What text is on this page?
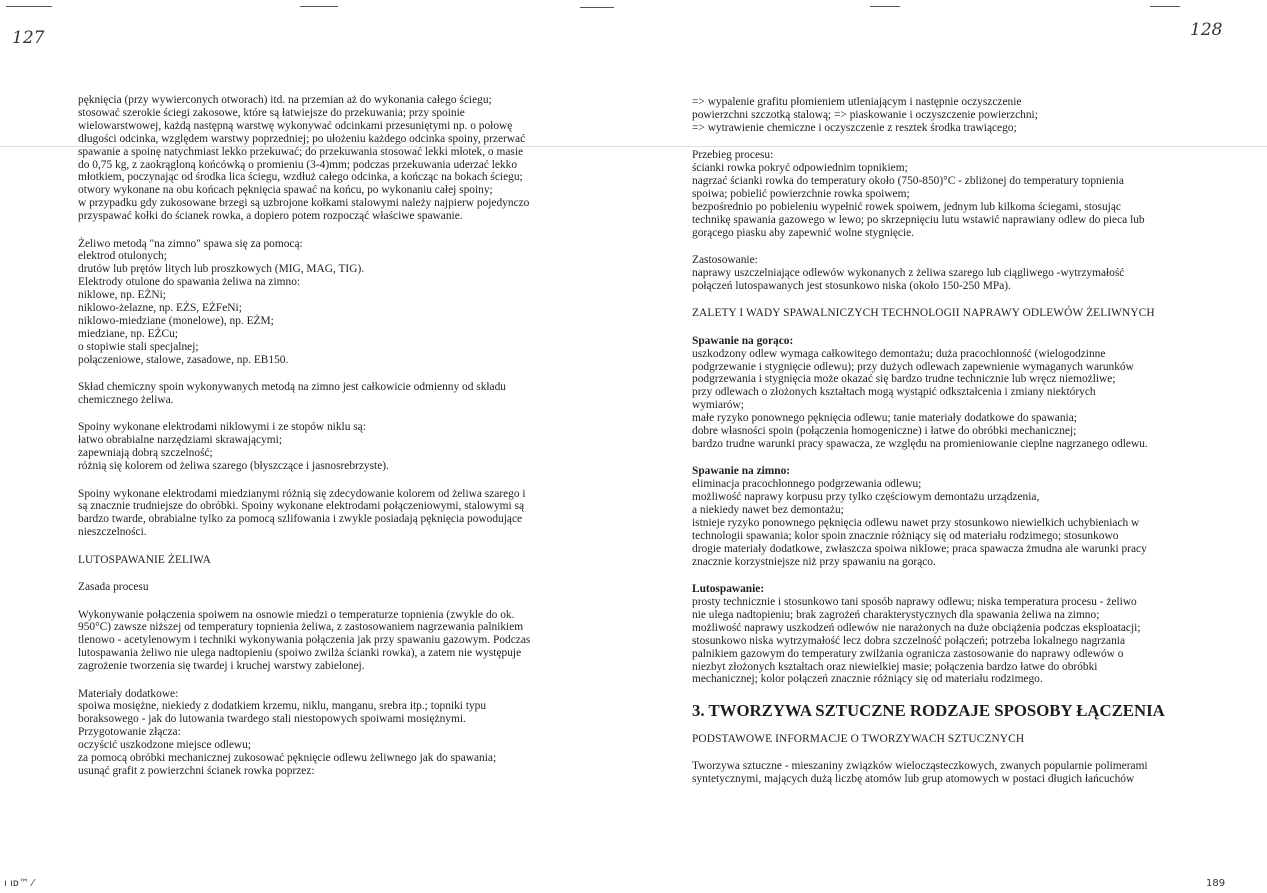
127	128
ı ıᴅ™ ⁄	189

pęknięcia (przy wywierconych otworach) itd. na przemian aż do wykonania całego ściegu;
stosować szerokie ściegi zakosowe, które są łatwiejsze do przekuwania; przy spoinie
wielowarstwowej, każdą następną warstwę wykonywać odcinkami przesuniętymi np. o połowę
długości odcinka, względem warstwy poprzedniej; po ułożeniu każdego odcinka spoiny, przerwać
spawanie a spoinę natychmiast lekko przekuwać; do przekuwania stosować lekki młotek, o masie
do 0,75 kg, z zaokrągloną końcówką o promieniu (3-4)mm; podczas przekuwania uderzać lekko
młotkiem, poczynając od środka lica ściegu, wzdłuż całego odcinka, a kończąc na bokach ściegu;
otwory wykonane na obu końcach pęknięcia spawać na końcu, po wykonaniu całej spoiny;
w przypadku gdy zukosowane brzegi są uzbrojone kołkami stalowymi należy najpierw pojedynczo
przyspawać kołki do ścianek rowka, a dopiero potem rozpocząć właściwe spawanie.

Żeliwo metodą "na zimno" spawa się za pomocą:
elektrod otulonych;
drutów lub prętów litych lub proszkowych (MIG, MAG, TIG).
Elektrody otulone do spawania żeliwa na zimno:
niklowe, np. EŻNi;
niklowo-żelazne, np. EŻS, EŻFeNi;
niklowo-miedziane (monelowe), np. EŻM;
miedziane, np. EŻCu;
o stopiwie stali specjalnej;
połączeniowe, stalowe, zasadowe, np. EB150.

Skład chemiczny spoin wykonywanych metodą na zimno jest całkowicie odmienny od składu
chemicznego żeliwa.

Spoiny wykonane elektrodami niklowymi i ze stopów niklu są:
łatwo obrabialne narzędziami skrawającymi;
zapewniają dobrą szczelność;
różnią się kolorem od żeliwa szarego (błyszczące i jasnosrebrzyste).

Spoiny wykonane elektrodami miedzianymi różnią się zdecydowanie kolorem od żeliwa szarego i
są znacznie trudniejsze do obróbki. Spoiny wykonane elektrodami połączeniowymi, stalowymi są
bardzo twarde, obrabialne tylko za pomocą szlifowania i zwykle posiadają pęknięcia powodujące
nieszczelności.

LUTOSPAWANIE ŻELIWA

Zasada procesu

Wykonywanie połączenia spoiwem na osnowie miedzi o temperaturze topnienia (zwykle do ok.
950°C) zawsze niższej od temperatury topnienia żeliwa, z zastosowaniem nagrzewania palnikiem
tlenowo - acetylenowym i techniki wykonywania połączenia jak przy spawaniu gazowym. Podczas
lutospawania żeliwo nie ulega nadtopieniu (spoiwo zwilża ścianki rowka), a zatem nie występuje
zagrożenie tworzenia się twardej i kruchej warstwy zabielonej.

Materiały dodatkowe:
spoiwa mosiężne, niekiedy z dodatkiem krzemu, niklu, manganu, srebra itp.; topniki typu
boraksowego - jak do lutowania twardego stali niestopowych spoiwami mosiężnymi.
Przygotowanie złącza:
oczyścić uszkodzone miejsce odlewu;
za pomocą obróbki mechanicznej zukosować pęknięcie odlewu żeliwnego jak do spawania;
usunąć grafit z powierzchni ścianek rowka poprzez:

=> wypalenie grafitu płomieniem utleniającym i następnie oczyszczenie
powierzchni szczotką stalową; => piaskowanie i oczyszczenie powierzchni;
=> wytrawienie chemiczne i oczyszczenie z resztek środka trawiącego;

Przebieg procesu:
ścianki rowka pokryć odpowiednim topnikiem;
nagrzać ścianki rowka do temperatury około (750-850)°C - zbliżonej do temperatury topnienia
spoiwa; pobielić powierzchnie rowka spoiwem;
bezpośrednio po pobieleniu wypełnić rowek spoiwem, jednym lub kilkoma ściegami, stosując
technikę spawania gazowego w lewo; po skrzepnięciu lutu wstawić naprawiany odlew do pieca lub
gorącego piasku aby zapewnić wolne stygnięcie.

Zastosowanie:
naprawy uszczelniające odlewów wykonanych z żeliwa szarego lub ciągliwego -wytrzymałość
połączeń lutospawanych jest stosunkowo niska (około 150-250 MPa).

ZALETY I WADY SPAWALNICZYCH TECHNOLOGII NAPRAWY ODLEWÓW ŻELIWNYCH

Spawanie na gorąco:
uszkodzony odlew wymaga całkowitego demontażu; duża pracochłonność (wielogodzinne
podgrzewanie i stygnięcie odlewu); przy dużych odlewach zapewnienie wymaganych warunków
podgrzewania i stygnięcia może okazać się bardzo trudne technicznie lub wręcz niemożliwe;
przy odlewach o złożonych kształtach mogą wystąpić odkształcenia i zmiany niektórych
wymiarów;
małe ryzyko ponownego pęknięcia odlewu; tanie materiały dodatkowe do spawania;
dobre własności spoin (połączenia homogeniczne) i łatwe do obróbki mechanicznej;
bardzo trudne warunki pracy spawacza, ze względu na promieniowanie cieplne nagrzanego odlewu.

Spawanie na zimno:
eliminacja pracochłonnego podgrzewania odlewu;
możliwość naprawy korpusu przy tylko częściowym demontażu urządzenia,
a niekiedy nawet bez demontażu;
istnieje ryzyko ponownego pęknięcia odlewu nawet przy stosunkowo niewielkich uchybieniach w
technologii spawania; kolor spoin znacznie różniący się od materiału rodzimego; stosunkowo
drogie materiały dodatkowe, zwłaszcza spoiwa niklowe; praca spawacza żmudna ale warunki pracy
znacznie korzystniejsze niż przy spawaniu na gorąco.

Lutospawanie:
prosty technicznie i stosunkowo tani sposób naprawy odlewu; niska temperatura procesu - żeliwo
nie ulega nadtopieniu; brak zagrożeń charakterystycznych dla spawania żeliwa na zimno;
możliwość naprawy uszkodzeń odlewów nie narażonych na duże obciążenia podczas eksploatacji;
stosunkowo niska wytrzymałość lecz dobra szczelność połączeń; potrzeba lokalnego nagrzania
palnikiem gazowym do temperatury zwilżania ogranicza zastosowanie do naprawy odlewów o
niezbyt złożonych kształtach oraz niewielkiej masie; połączenia bardzo łatwe do obróbki
mechanicznej; kolor połączeń znacznie różniący się od materiału rodzimego.

3. TWORZYWA SZTUCZNE RODZAJE SPOSOBY ŁĄCZENIA

PODSTAWOWE INFORMACJE O TWORZYWACH SZTUCZNYCH

Tworzywa sztuczne - mieszaniny związków wielocząsteczkowych, zwanych popularnie polimerami
syntetycznymi, mających dużą liczbę atomów lub grup atomowych w postaci długich łańcuchów
